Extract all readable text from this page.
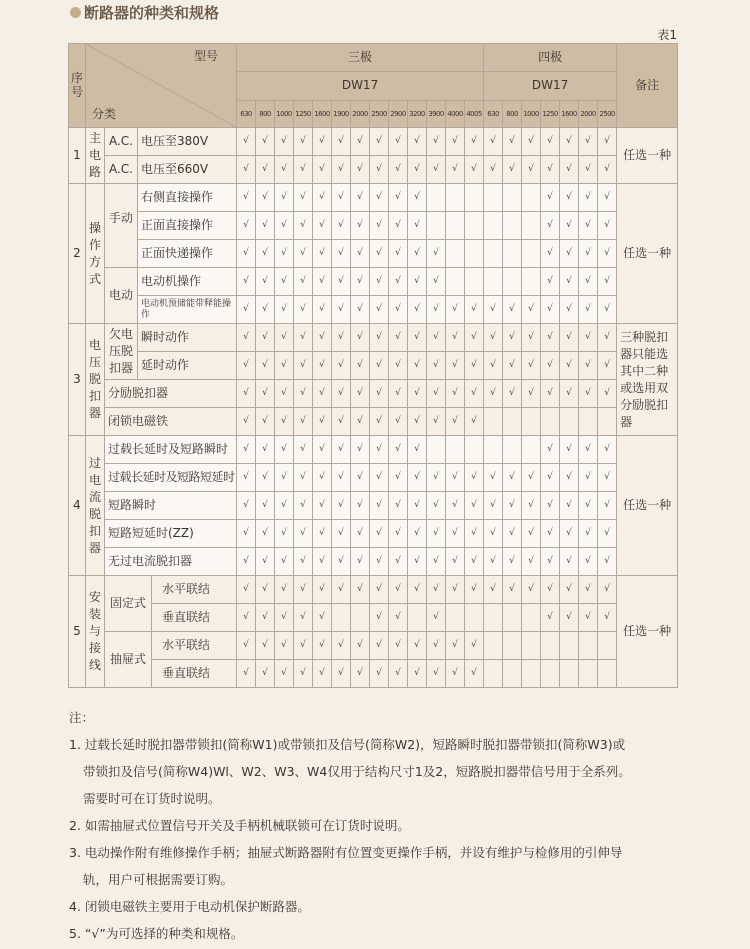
断路器的种类和规格
表1
序号	型号
分类				三极													四极							备注
					DW17													DW17							
					630	800	1000	1250	1600	1900	2000	2500	2900	3200	3900	4000	4005	630	800	1000	1250	1600	2000	2500	
1	主电路	A.C.	电压至380V		√	√	√	√	√	√	√	√	√	√	√	√	√	√	√	√	√	√	√	√	任选一种
		A.C.	电压至660V		√	√	√	√	√	√	√	√	√	√	√	√	√	√	√	√	√	√	√	√	
2	操作方式	手动	右侧直接操作		√	√	√	√	√	√	√	√	√	√							√	√	√	√	任选一种
			正面直接操作		√	√	√	√	√	√	√	√	√	√							√	√	√	√	
			正面快递操作		√	√	√	√	√	√	√	√	√	√	√						√	√	√	√	
		电动	电动机操作		√	√	√	√	√	√	√	√	√	√	√						√	√	√	√	
			电动机预储能带释能操作		√	√	√	√	√	√	√	√	√	√	√	√	√	√	√	√	√	√	√	√	
3	电压脱扣器	欠电压脱扣器	瞬时动作		√	√	√	√	√	√	√	√	√	√	√	√	√	√	√	√	√	√	√	√	三种脱扣器只能选其中二种或选用双分励脱扣器
			延时动作		√	√	√	√	√	√	√	√	√	√	√	√	√	√	√	√	√	√	√	√	
		分励脱扣器			√	√	√	√	√	√	√	√	√	√	√	√	√	√	√	√	√	√	√	√	
		闭锁电磁铁			√	√	√	√	√	√	√	√	√	√	√	√	√								
4	过电流脱扣器	过载长延时及短路瞬时			√	√	√	√	√	√	√	√	√	√							√	√	√	√	任选一种
		过载长延时及短路短延时			√	√	√	√	√	√	√	√	√	√	√	√	√	√	√	√	√	√	√	√	
		短路瞬时			√	√	√	√	√	√	√	√	√	√	√	√	√	√	√	√	√	√	√	√	
		短路短延时(ZZ)			√	√	√	√	√	√	√	√	√	√	√	√	√	√	√	√	√	√	√	√	
		无过电流脱扣器			√	√	√	√	√	√	√	√	√	√	√	√	√	√	√	√	√	√	√	√	
5	安装与接线	固定式		水平联结	√	√	√	√	√	√	√	√	√	√	√	√	√	√	√	√	√	√	√	√	任选一种
				垂直联结	√	√	√	√	√			√	√		√						√	√	√	√	
		抽屉式		水平联结	√	√	√	√	√	√	√	√	√	√	√	√	√								
				垂直联结	√	√	√	√	√	√	√	√	√	√	√	√	√								

注：

1. 过载长延时脱扣器带锁扣(简称W1)或带锁扣及信号(简称W2)，短路瞬时脱扣器带锁扣(简称W3)或

带锁扣及信号(简称W4)Wl、W2、W3、W4仅用于结构尺寸1及2，短路脱扣器带信号用于全系列。

需要时可在订货时说明。

2. 如需抽屉式位置信号开关及手柄机械联锁可在订货时说明。

3. 电动操作附有维修操作手柄；抽屉式断路器附有位置变更操作手柄，并设有维护与检修用的引伸导

轨，用户可根据需要订购。

4. 闭锁电磁铁主要用于电动机保护断路器。

5. “√”为可选择的种类和规格。
